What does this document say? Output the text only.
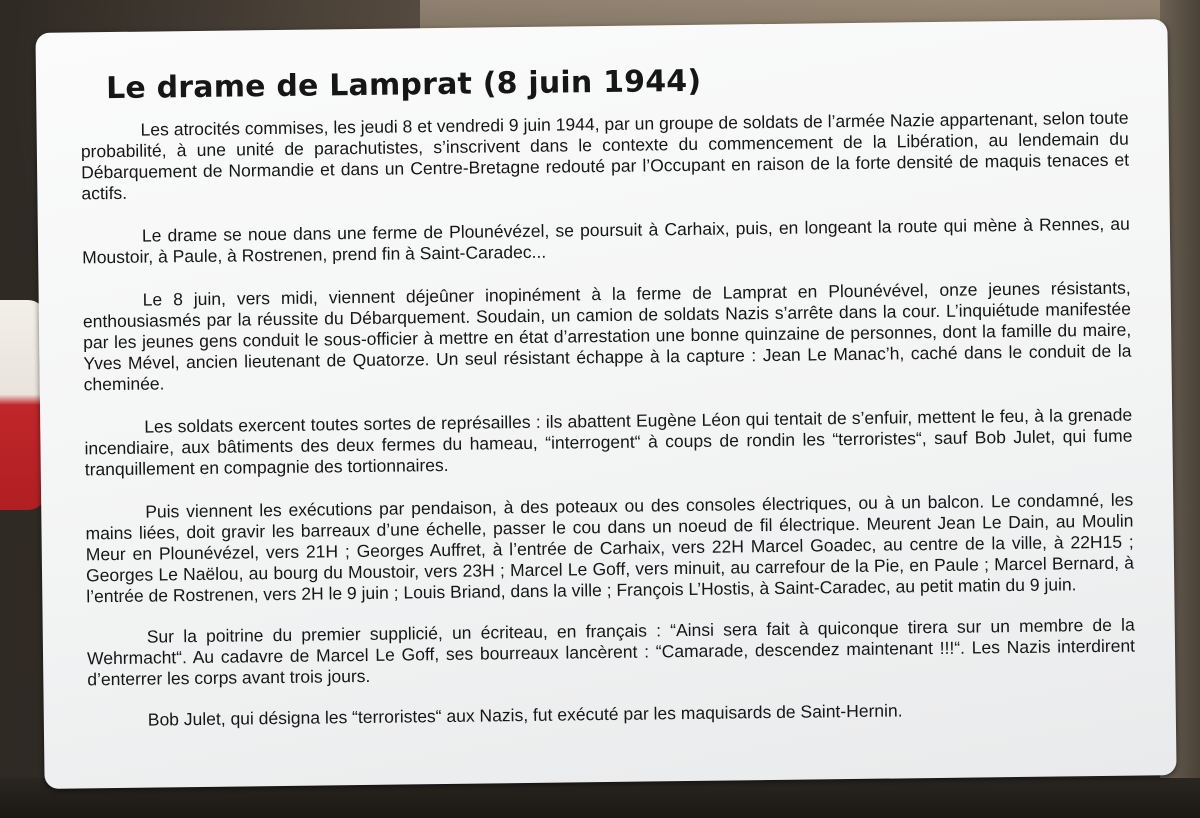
Le drame de Lamprat (8 juin 1944)

Les atrocités commises, les jeudi 8 et vendredi 9 juin 1944, par un groupe de soldats de l’armée Nazie appartenant, selon toute probabilité, à une unité de parachutistes, s’inscrivent dans le contexte du commencement de la Libération, au lendemain du Débarquement de Normandie et dans un Centre-Bretagne redouté par l’Occupant en raison de la forte densité de maquis tenaces et actifs.

Le drame se noue dans une ferme de Plounévézel, se poursuit à Carhaix, puis, en longeant la route qui mène à Rennes, au Moustoir, à Paule, à Rostrenen, prend fin à Saint-Caradec...

Le 8 juin, vers midi, viennent déjeûner inopinément à la ferme de Lamprat en Plounévével, onze jeunes résistants, enthousiasmés par la réussite du Débarquement. Soudain, un camion de soldats Nazis s’arrête dans la cour. L’inquiétude manifestée par les jeunes gens conduit le sous-officier à mettre en état d’arrestation une bonne quinzaine de personnes, dont la famille du maire, Yves Mével, ancien lieutenant de Quatorze. Un seul résistant échappe à la capture : Jean Le Manac’h, caché dans le conduit de la cheminée.

Les soldats exercent toutes sortes de représailles : ils abattent Eugène Léon qui tentait de s’enfuir, mettent le feu, à la grenade incendiaire, aux bâtiments des deux fermes du hameau, “interrogent“ à coups de rondin les “terroristes“, sauf Bob Julet, qui fume tranquillement en compagnie des tortionnaires.

Puis viennent les exécutions par pendaison, à des poteaux ou des consoles électriques, ou à un balcon. Le condamné, les mains liées, doit gravir les barreaux d’une échelle, passer le cou dans un noeud de fil électrique. Meurent Jean Le Dain, au Moulin Meur en Plounévézel, vers 21H ; Georges Auffret, à l’entrée de Carhaix, vers 22H Marcel Goadec, au centre de la ville, à 22H15 ; Georges Le Naëlou, au bourg du Moustoir, vers 23H ; Marcel Le Goff, vers minuit, au carrefour de la Pie, en Paule ; Marcel Bernard, à l’entrée de Rostrenen, vers 2H le 9 juin ; Louis Briand, dans la ville ; François L’Hostis, à Saint-Caradec, au petit matin du 9 juin.

Sur la poitrine du premier supplicié, un écriteau, en français : “Ainsi sera fait à quiconque tirera sur un membre de la Wehrmacht“. Au cadavre de Marcel Le Goff, ses bourreaux lancèrent : “Camarade, descendez maintenant !!!“. Les Nazis interdirent d’enterrer les corps avant trois jours.

Bob Julet, qui désigna les “terroristes“ aux Nazis, fut exécuté par les maquisards de Saint-Hernin.
